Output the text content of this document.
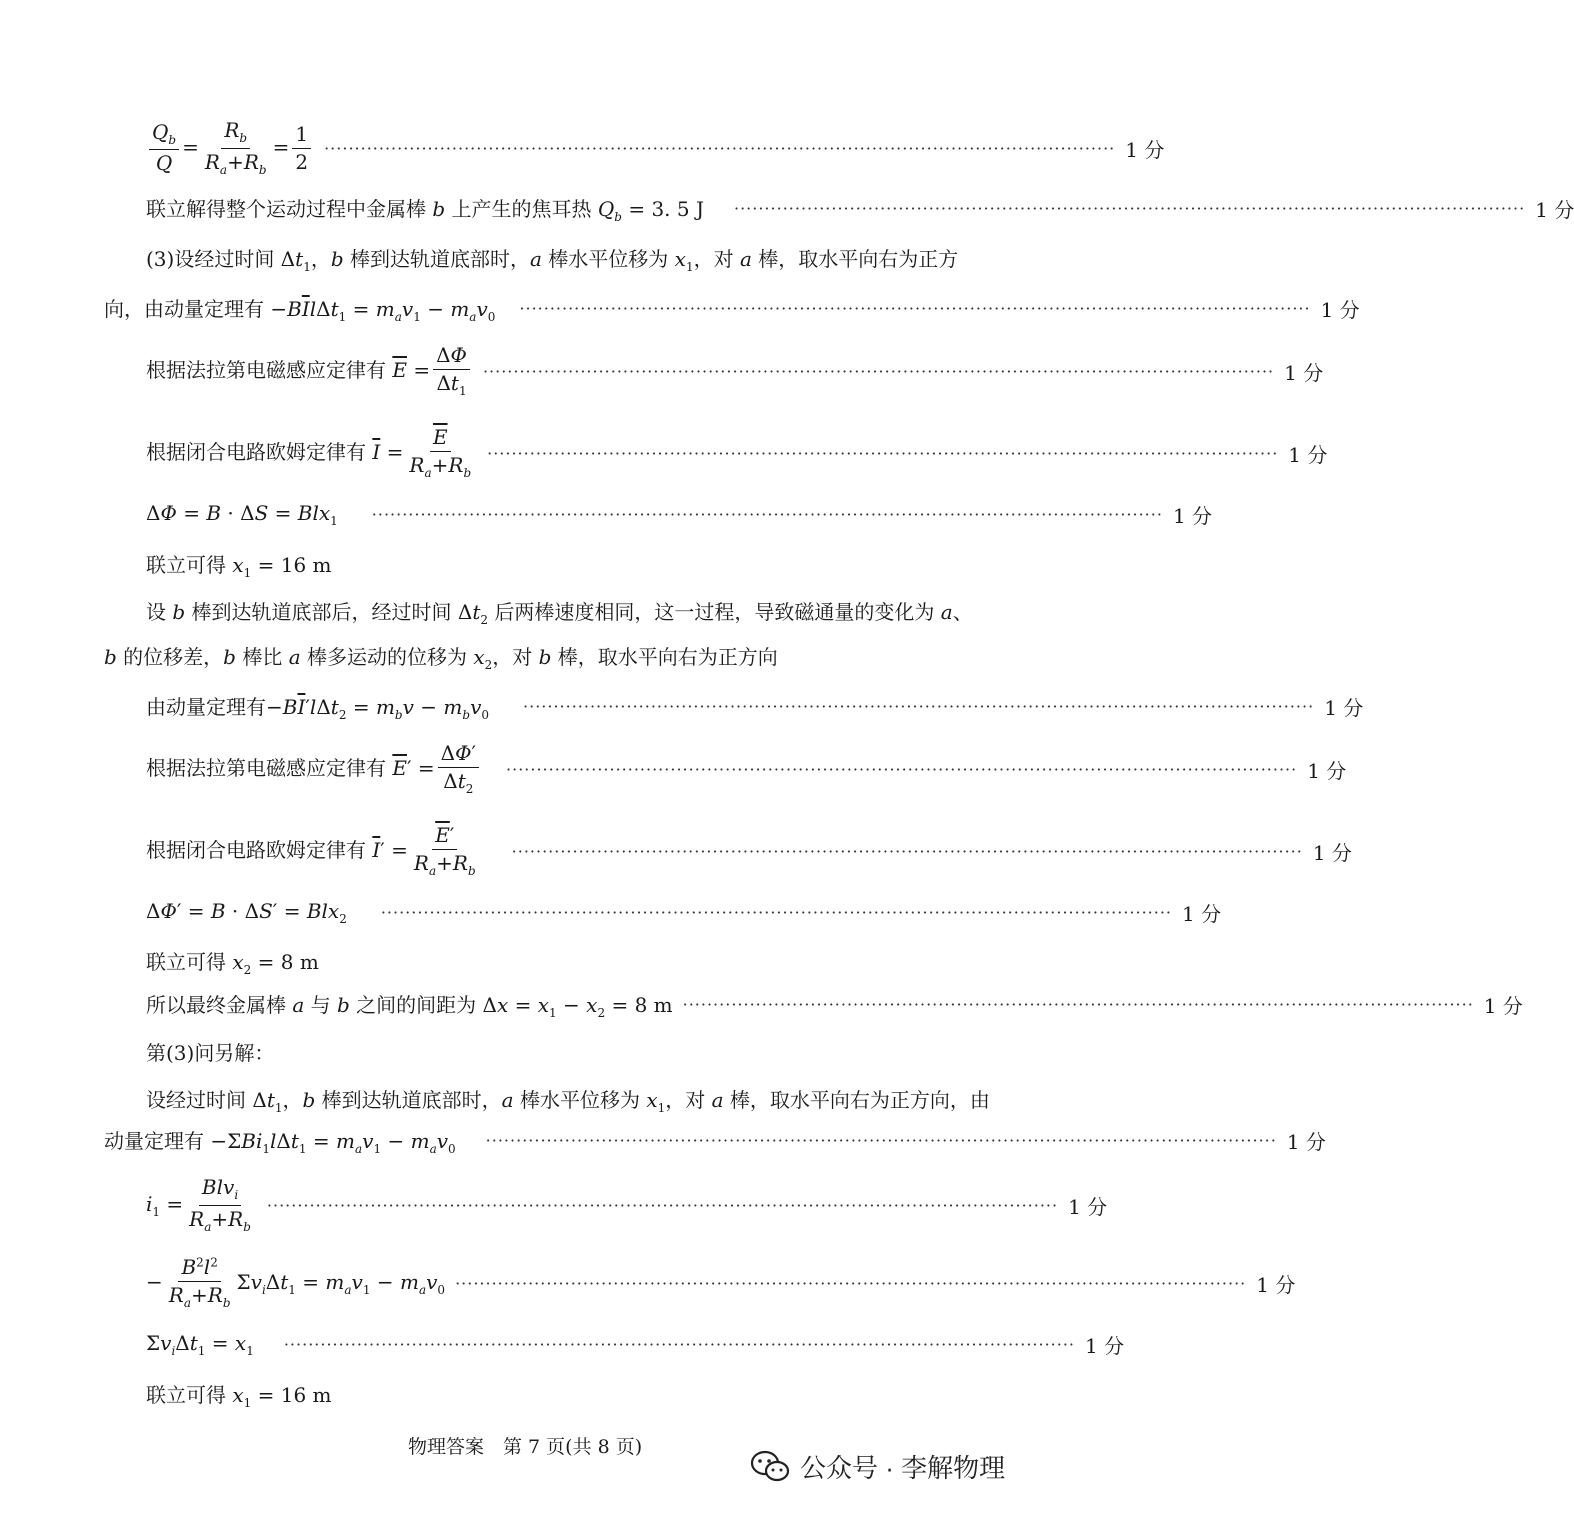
$\frac{Q_b}{Q} = \frac{R_b}{R_a+R_b} = \frac{1}{2}$ ·································································································································· 1 分
联立解得整个运动过程中金属棒 b 上产生的焦耳热 $Q_b = 3$. 5 J ·································································································································· 1 分
(3)设经过时间 $\Delta t_1$，b 棒到达轨道底部时，a 棒水平位移为 $x_1$，对 a 棒，取水平向右为正方
向，由动量定理有 $-B\overline{I}l\Delta t_1 = m_av_1 - m_av_0$ ·································································································································· 1 分
根据法拉第电磁感应定律有 $\overline{E} = \frac{\Delta\Phi}{\Delta t_1}$ ·································································································································· 1 分
根据闭合电路欧姆定律有 $\overline{I} = \frac{\overline{E}}{R_a+R_b}$ ·································································································································· 1 分
ΔΦ = B · ΔS = Blx$_1$ ·································································································································· 1 分
联立可得 $x_1 = 16$ m
设 b 棒到达轨道底部后，经过时间 $\Delta t_2$ 后两棒速度相同，这一过程，导致磁通量的变化为 a、
b 的位移差，b 棒比 a 棒多运动的位移为 $x_2$，对 b 棒，取水平向右为正方向
由动量定理有$-B\overline{I}'l\Delta t_2 = m_bv - m_bv_0$ ·································································································································· 1 分
根据法拉第电磁感应定律有 $\overline{E}' = \frac{\Delta\Phi'}{\Delta t_2}$ ·································································································································· 1 分
根据闭合电路欧姆定律有 $\overline{I}' = \frac{\overline{E}'}{R_a+R_b}$ ·································································································································· 1 分
ΔΦ′ = B · ΔS′ = Blx$_2$ ·································································································································· 1 分
联立可得 $x_2 = 8$ m
所以最终金属棒 a 与 b 之间的间距为 $\Delta x = x_1 - x_2 = 8$ m ·································································································································· 1 分
第(3)问另解：
设经过时间 $\Delta t_1$，b 棒到达轨道底部时，a 棒水平位移为 $x_1$，对 a 棒，取水平向右为正方向，由
动量定理有 $-\Sigma Bi_1l\Delta t_1 = m_av_1 - m_av_0$ ·································································································································· 1 分
$i_1 = \frac{Blv_i}{R_a+R_b}$ ·································································································································· 1 分
− $\frac{B^2l^2}{R_a+R_b} \Sigma v_i\Delta t_1 = m_av_1 - m_av_0$ ·································································································································· 1 分
$\Sigma v_i\Delta t_1 = x_1$ ·································································································································· 1 分
联立可得 $x_1 = 16$ m
物理答案　第 7 页(共 8 页)
公众号 · 李解物理
